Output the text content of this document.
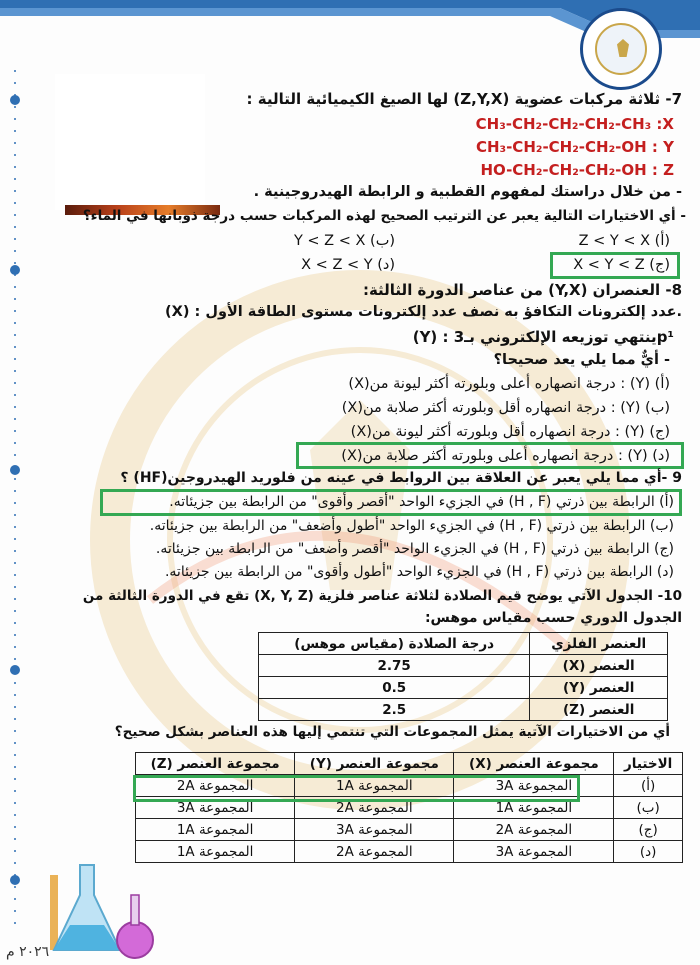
7- ثلاثة مركبات عضوية (Z,Y,X) لها الصيغ الكيميائية التالية :
CH₃-CH₂-CH₂-CH₂-CH₃ :X
CH₃-CH₂-CH₂-CH₂-OH : Y
HO-CH₂-CH₂-CH₂-OH : Z
- من خلال دراستك لمفهوم القطبية و الرابطة الهيدروجينية .
- أي الاختيارات التالية يعبر عن الترتيب الصحيح لهذه المركبات حسب درجة ذوبانها في الماء؟
(أ) Z < Y < X
(ب) Y < Z < X
(ج) X < Y < Z
(د) X < Z < Y
8- العنصران (Y,X) من عناصر الدورة الثالثة:
(X) : عدد إلكترونات التكافؤ به نصف عدد إلكترونات مستوى الطاقة الأول.
(Y) : ينتهي توزيعه الإلكتروني بـ3p¹
- أيٌّ مما يلي يعد صحيحا؟
(أ) (Y) : درجة انصهاره أعلى وبلورته أكثر ليونة من(X)
(ب) (Y) : درجة انصهاره أقل وبلورته أكثر صلابة من(X)
(ج) (Y) : درجة انصهاره أقل وبلورته أكثر ليونة من(X)
(د) (Y) : درجة انصهاره أعلى وبلورته أكثر صلابة من(X)
9 -أي مما يلي يعبر عن العلاقة بين الروابط في عينه من فلوريد الهيدروجين(HF) ؟
(أ) الرابطة بين ذرتي (H , F) في الجزيء الواحد "أقصر وأقوى" من الرابطة بين جزيئاته.
(ب) الرابطة بين ذرتي (H , F) في الجزيء الواحد "أطول وأضعف" من الرابطة بين جزيئاته.
(ج) الرابطة بين ذرتي (H , F) في الجزيء الواحد "أقصر وأضعف" من الرابطة بين جزيئاته.
(د) الرابطة بين ذرتي (H , F) في الجزيء الواحد "أطول وأقوى" من الرابطة بين جزيئاته.
10- الجدول الآتي يوضح قيم الصلادة لثلاثة عناصر فلزية (X, Y, Z) تقع في الدورة الثالثة من
الجدول الدوري حسب مقياس موهس:
العنصر الفلزي	درجة الصلادة (مقياس موهس)
العنصر (X)	2.75
العنصر (Y)	0.5
العنصر (Z)	2.5
أي من الاختيارات الآتية يمثل المجموعات التي تنتمي إليها هذه العناصر بشكل صحيح؟
الاختيار	مجموعة العنصر (X)	مجموعة العنصر (Y)	مجموعة العنصر (Z)
(أ)	المجموعة 3A	المجموعة 1A	المجموعة 2A
(ب)	المجموعة 1A	المجموعة 2A	المجموعة 3A
(ج)	المجموعة 2A	المجموعة 3A	المجموعة 1A
(د)	المجموعة 3A	المجموعة 2A	المجموعة 1A
٢٠٢٦ م
